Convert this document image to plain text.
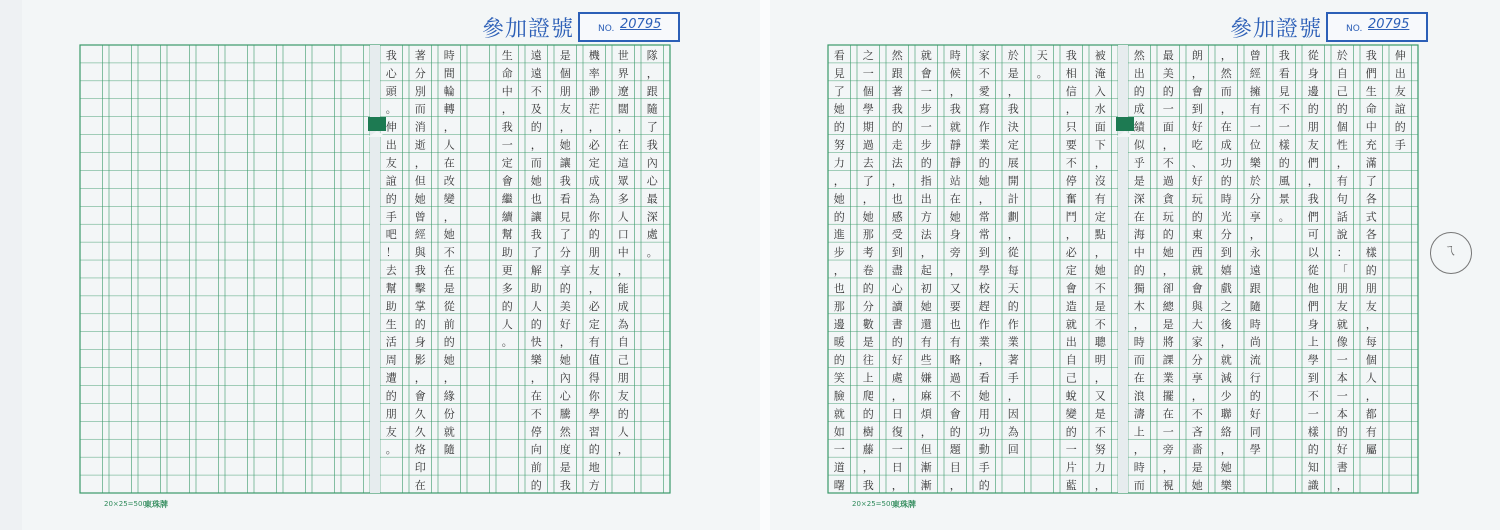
參加證號	NO. 20795
隊
，
跟
隨
了
我
內
心
最
深
處
。
世
界
遼
闊
，
在
這
眾
多
人
口
中
，
能
成
為
自
己
朋
友
的
人
，
機
率
渺
茫
，
必
定
成
為
你
的
朋
友
，
必
定
有
值
得
你
學
習
的
地
方
是
個
朋
友
，
她
讓
我
看
見
了
分
享
的
美
好
，
她
內
心
騰
然
度
是
我
遠
遠
不
及
的
，
而
她
也
讓
我
了
解
助
人
的
快
樂
，
在
不
停
向
前
的
生
命
中
，
我
一
定
會
繼
續
幫
助
更
多
的
人
。
時
間
輪
轉
，
人
在
改
變
，
她
不
在
是
從
前
的
她
，
緣
份
就
隨
著
分
別
而
消
逝
，
但
她
曾
經
與
我
擊
掌
的
身
影
，
會
久
久
烙
印
在
我
心
頭
。
伸
出
友
誼
的
手
吧
！
去
幫
助
生
活
周
遭
的
朋
友
。
20×25=500
東珠牌
參加證號	NO. 20795
伸
出
友
誼
的
手
我
們
生
命
中
充
滿
了
各
式
各
樣
的
朋
友
，
每
個
人
，
都
有
屬
於
自
己
的
個
性
，
有
句
話
說
：
「
朋
友
就
像
一
本
一
本
的
好
書
，
從
身
邊
的
朋
友
們
，
我
們
可
以
從
他
們
身
上
學
到
不
一
樣
的
知
識
我
看
見
不
一
樣
的
風
景
。
曾
經
擁
有
一
位
樂
於
分
享
，
永
遠
跟
隨
時
尚
流
行
的
好
同
學
，
然
而
，
在
成
功
的
時
光
分
到
嬉
戲
之
後
，
就
減
少
聯
絡
，
她
樂
朗
，
會
到
好
吃
、
好
玩
的
東
西
就
會
與
大
家
分
享
，
不
吝
嗇
是
她
最
美
的
一
面
，
不
過
貪
玩
的
她
，
卻
總
是
將
課
業
擺
在
一
旁
，
視
然
出
的
成
績
似
乎
是
深
在
海
中
的
獨
木
，
時
而
在
浪
濤
上
，
時
而
被
淹
入
水
面
下
，
沒
有
定
點
，
她
不
是
不
聰
明
，
又
是
不
努
力
，
我
相
信
，
只
要
不
停
奮
鬥
，
必
定
會
造
就
出
自
己
蛻
變
的
一
片
藍
天
。
於
是
，
我
決
定
展
開
計
劃
，
從
每
天
的
作
業
著
手
，
因
為
回
家
不
愛
寫
作
業
的
她
，
常
常
到
學
校
趕
作
業
，
看
她
用
功
動
手
的
時
候
，
我
就
靜
靜
站
在
她
身
旁
，
又
要
也
有
略
過
不
會
的
題
目
，
就
會
一
步
一
步
的
指
出
方
法
，
起
初
她
還
有
些
嫌
麻
煩
，
但
漸
漸
然
跟
著
我
的
走
法
，
也
感
受
到
盡
心
讀
書
的
好
處
，
日
復
一
日
，
之
一
個
學
期
過
去
了
，
她
那
考
卷
的
分
數
是
往
上
爬
的
樹
藤
，
我
看
見
了
她
的
努
力
，
她
的
進
步
，
也
那
邊
暖
的
笑
臉
就
如
一
道
曙
20×25=500
東珠牌
ㄟ
